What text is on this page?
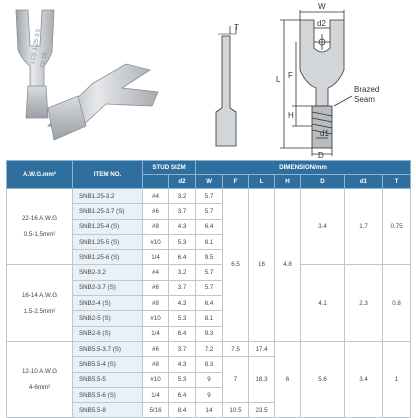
LCS 1.25-3.5
22-16
T
W
d2
L F
H
d1
D
Brazed
Seam
A.W.G.mm²	ITEM NO.	STUD SIZM		DIMENSION/mm						
			d2	W	F	L	H	D	d1	T

22-16 A.W.G
0.5-1.5mm²	SNB1.25-3.2	#4	3.2	5.7	6.5	16	4.8	3.4	1.7	0.75
	SNB1.25-3.7 (S)	#6	3.7	5.7						
	SNB1.25-4 (S)	#8	4.3	6.4						
	SNB1.25-5 (S)	#10	5.3	8.1						
	SNB1.25-6 (S)	1/4	6.4	9.5						

16-14 A.W.G
1.5-2.5mm²	SNB2-3.2	#4	3.2	5.7				4.1	2.3	0.8
	SNB2-3.7 (S)	#6	3.7	5.7						
	SNB2-4 (S)	#8	4.3	6.4						
	SNB2-5 (S)	#10	5.3	8.1						
	SNB2-6 (S)	1/4	6.4	9.3						

12-10 A.W.G
4-6mm²	SNB5.5-3.7 (S)	#6	3.7	7.2	7.5	17.4	6	5.6	3.4	1
	SNB5.5-4 (S)	#8	4.3	8.3	7	18.3				
	SNB5.5-5	#10	5.3	9						
	SNB5.5-6 (S)	1/4	6.4	9						
	SNB5.5-8	5/16	8.4	14	10.5	23.5				
